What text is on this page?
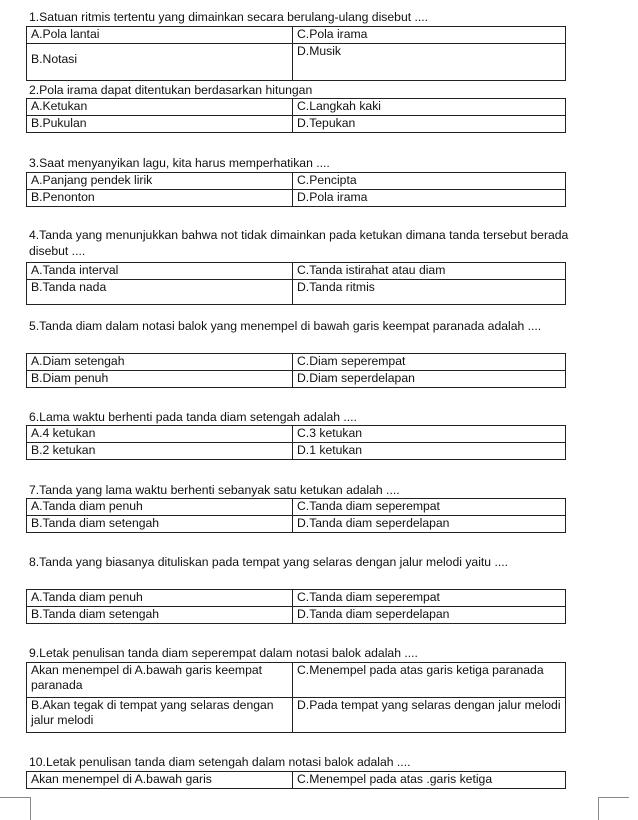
1.Satuan ritmis tertentu yang dimainkan secara berulang-ulang disebut ....
A.Pola lantai	C.Pola irama
B.Notasi	D.Musik
2.Pola irama dapat ditentukan berdasarkan hitungan
A.Ketukan	C.Langkah kaki
B.Pukulan	D.Tepukan
3.Saat menyanyikan lagu, kita harus memperhatikan ....
A.Panjang pendek lirik	C.Pencipta
B.Penonton	D.Pola irama
4.Tanda yang menunjukkan bahwa not tidak dimainkan pada ketukan dimana tanda tersebut berada disebut ....
A.Tanda interval	C.Tanda istirahat atau diam
B.Tanda nada	D.Tanda ritmis
5.Tanda diam dalam notasi balok yang menempel di bawah garis keempat paranada adalah ....
A.Diam setengah	C.Diam seperempat
B.Diam penuh	D.Diam seperdelapan
6.Lama waktu berhenti pada tanda diam setengah adalah ....
A.4 ketukan	C.3 ketukan
B.2 ketukan	D.1 ketukan
7.Tanda yang lama waktu berhenti sebanyak satu ketukan adalah ....
A.Tanda diam penuh	C.Tanda diam seperempat
B.Tanda diam setengah	D.Tanda diam seperdelapan
8.Tanda yang biasanya dituliskan pada tempat yang selaras dengan jalur melodi yaitu ....
A.Tanda diam penuh	C.Tanda diam seperempat
B.Tanda diam setengah	D.Tanda diam seperdelapan
9.Letak penulisan tanda diam seperempat dalam notasi balok adalah ....
Akan menempel di A.bawah garis keempat paranada	C.Menempel pada atas garis ketiga paranada
B.Akan tegak di tempat yang selaras dengan jalur melodi	D.Pada tempat yang selaras dengan jalur melodi
10.Letak penulisan tanda diam setengah dalam notasi balok adalah ....
Akan menempel di A.bawah garis	C.Menempel pada atas .garis ketiga
